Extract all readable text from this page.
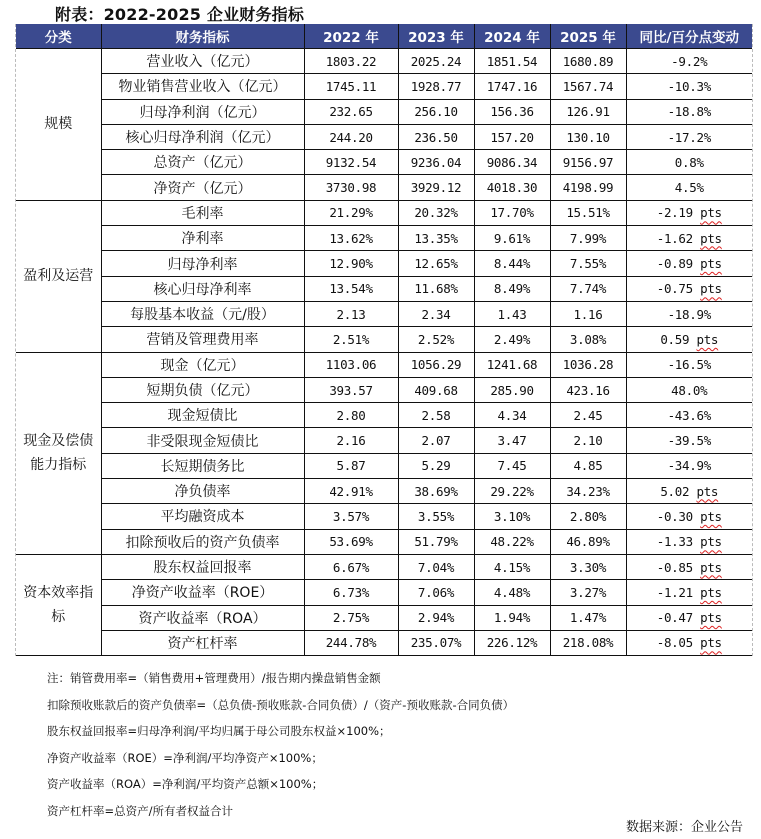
附表：2022-2025 企业财务指标
分类	财务指标	2022 年	2023 年	2024 年	2025 年	同比/百分点变动
规模	营业收入（亿元）	1803.22	2025.24	1851.54	1680.89	-9.2%
	物业销售营业收入（亿元）	1745.11	1928.77	1747.16	1567.74	-10.3%
	归母净利润（亿元）	232.65	256.10	156.36	126.91	-18.8%
	核心归母净利润（亿元）	244.20	236.50	157.20	130.10	-17.2%
	总资产（亿元）	9132.54	9236.04	9086.34	9156.97	0.8%
	净资产（亿元）	3730.98	3929.12	4018.30	4198.99	4.5%
盈利及运营	毛利率	21.29%	20.32%	17.70%	15.51%	-2.19 pts
	净利率	13.62%	13.35%	9.61%	7.99%	-1.62 pts
	归母净利率	12.90%	12.65%	8.44%	7.55%	-0.89 pts
	核心归母净利率	13.54%	11.68%	8.49%	7.74%	-0.75 pts
	每股基本收益（元/股）	2.13	2.34	1.43	1.16	-18.9%
	营销及管理费用率	2.51%	2.52%	2.49%	3.08%	0.59 pts
现金及偿债能力指标	现金（亿元）	1103.06	1056.29	1241.68	1036.28	-16.5%
	短期负债（亿元）	393.57	409.68	285.90	423.16	48.0%
	现金短债比	2.80	2.58	4.34	2.45	-43.6%
	非受限现金短债比	2.16	2.07	3.47	2.10	-39.5%
	长短期债务比	5.87	5.29	7.45	4.85	-34.9%
	净负债率	42.91%	38.69%	29.22%	34.23%	5.02 pts
	平均融资成本	3.57%	3.55%	3.10%	2.80%	-0.30 pts
	扣除预收后的资产负债率	53.69%	51.79%	48.22%	46.89%	-1.33 pts
资本效率指标	股东权益回报率	6.67%	7.04%	4.15%	3.30%	-0.85 pts
	净资产收益率（ROE）	6.73%	7.06%	4.48%	3.27%	-1.21 pts
	资产收益率（ROA）	2.75%	2.94%	1.94%	1.47%	-0.47 pts
	资产杠杆率	244.78%	235.07%	226.12%	218.08%	-8.05 pts
注：销管费用率=（销售费用+管理费用）/报告期内操盘销售金额
扣除预收账款后的资产负债率=（总负债-预收账款-合同负债）/（资产-预收账款-合同负债）
股东权益回报率=归母净利润/平均归属于母公司股东权益×100%；
净资产收益率（ROE）=净利润/平均净资产×100%；
资产收益率（ROA）=净利润/平均资产总额×100%；
资产杠杆率=总资产/所有者权益合计
数据来源：企业公告
